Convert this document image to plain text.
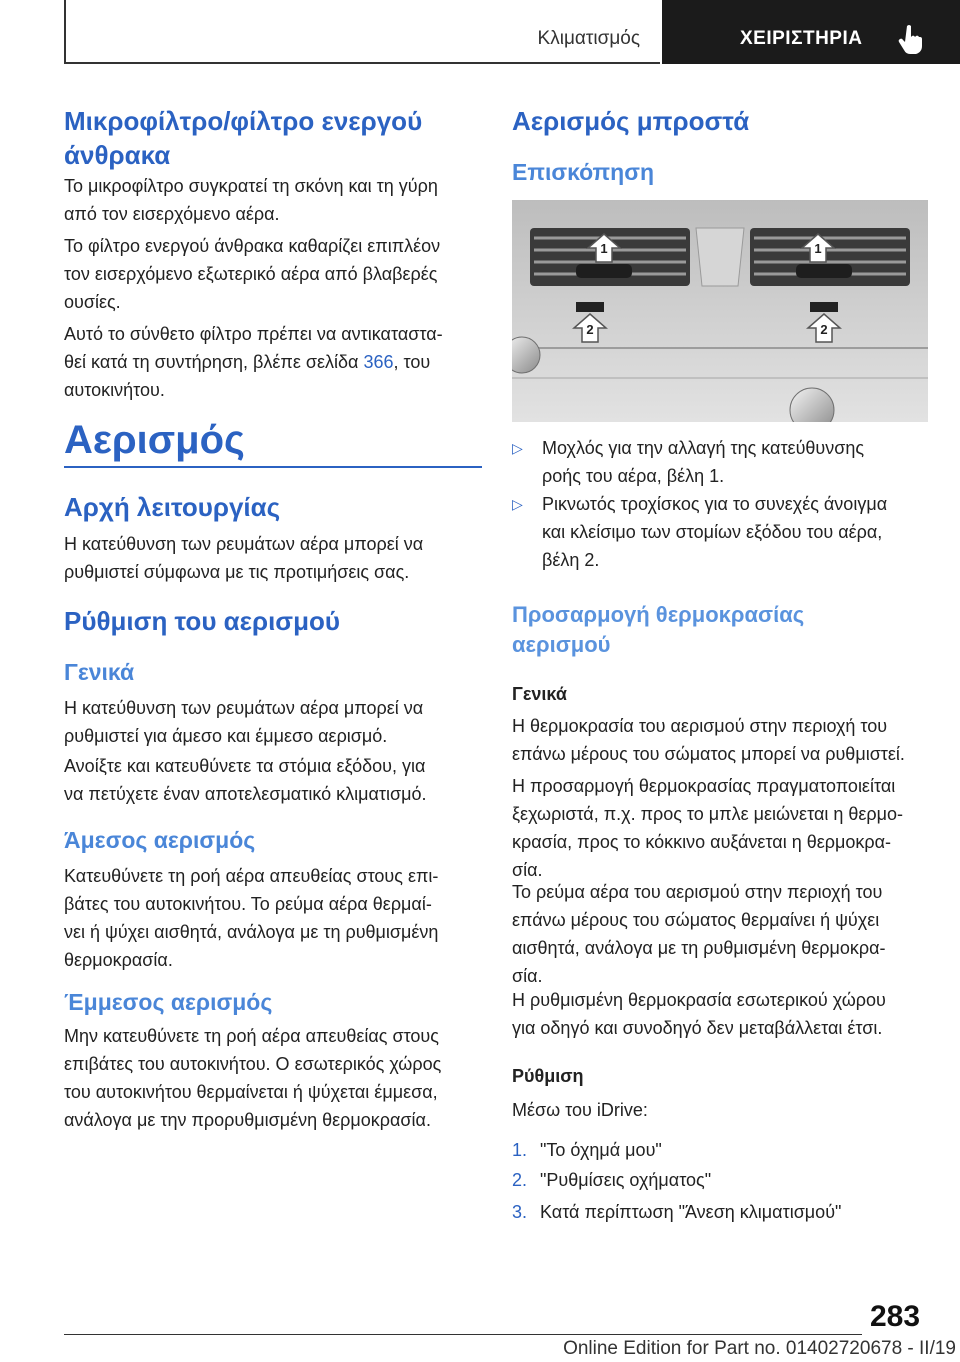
Κλιματισμός	ΧΕΙΡΙΣΤΗΡΙΑ
Μικροφίλτρο/φίλτρο ενεργού
άνθρακα
Το μικροφίλτρο συγκρατεί τη σκόνη και τη γύρη
από τον εισερχόμενο αέρα.
Το φίλτρο ενεργού άνθρακα καθαρίζει επιπλέον
τον εισερχόμενο εξωτερικό αέρα από βλαβερές
ουσίες.
Αυτό το σύνθετο φίλτρο πρέπει να αντικαταστα‐
θεί κατά τη συντήρηση, βλέπε σελίδα 366, του
αυτοκινήτου.
Αερισμός
Αρχή λειτουργίας
Η κατεύθυνση των ρευμάτων αέρα μπορεί να
ρυθμιστεί σύμφωνα με τις προτιμήσεις σας.
Ρύθμιση του αερισμού
Γενικά
Η κατεύθυνση των ρευμάτων αέρα μπορεί να
ρυθμιστεί για άμεσο και έμμεσο αερισμό.
Ανοίξτε και κατευθύνετε τα στόμια εξόδου, για
να πετύχετε έναν αποτελεσματικό κλιματισμό.
Άμεσος αερισμός
Κατευθύνετε τη ροή αέρα απευθείας στους επι‐
βάτες του αυτοκινήτου. Το ρεύμα αέρα θερμαί‐
νει ή ψύχει αισθητά, ανάλογα με τη ρυθμισμένη
θερμοκρασία.
Έμμεσος αερισμός
Μην κατευθύνετε τη ροή αέρα απευθείας στους
επιβάτες του αυτοκινήτου. Ο εσωτερικός χώρος
του αυτοκινήτου θερμαίνεται ή ψύχεται έμμεσα,
ανάλογα με την προρυθμισμένη θερμοκρασία.
Αερισμός μπροστά
Επισκόπηση
1	1
2	2
▷ Μοχλός για την αλλαγή της κατεύθυνσης
ροής του αέρα, βέλη 1.
▷ Ρικνωτός τροχίσκος για το συνεχές άνοιγμα
και κλείσιμο των στομίων εξόδου του αέρα,
βέλη 2.
Προσαρμογή θερμοκρασίας
αερισμού
Γενικά
Η θερμοκρασία του αερισμού στην περιοχή του
επάνω μέρους του σώματος μπορεί να ρυθμιστεί.
Η προσαρμογή θερμοκρασίας πραγματοποιείται
ξεχωριστά, π.χ. προς το μπλε μειώνεται η θερμο‐
κρασία, προς το κόκκινο αυξάνεται η θερμοκρα‐
σία.
Το ρεύμα αέρα του αερισμού στην περιοχή του
επάνω μέρους του σώματος θερμαίνει ή ψύχει
αισθητά, ανάλογα με τη ρυθμισμένη θερμοκρα‐
σία.
Η ρυθμισμένη θερμοκρασία εσωτερικού χώρου
για οδηγό και συνοδηγό δεν μεταβάλλεται έτσι.
Ρύθμιση
Μέσω του iDrive:
1. "Το όχημά μου"
2. "Ρυθμίσεις οχήματος"
3. Κατά περίπτωση "Άνεση κλιματισμού"
283
Online Edition for Part no. 01402720678 - II/19
